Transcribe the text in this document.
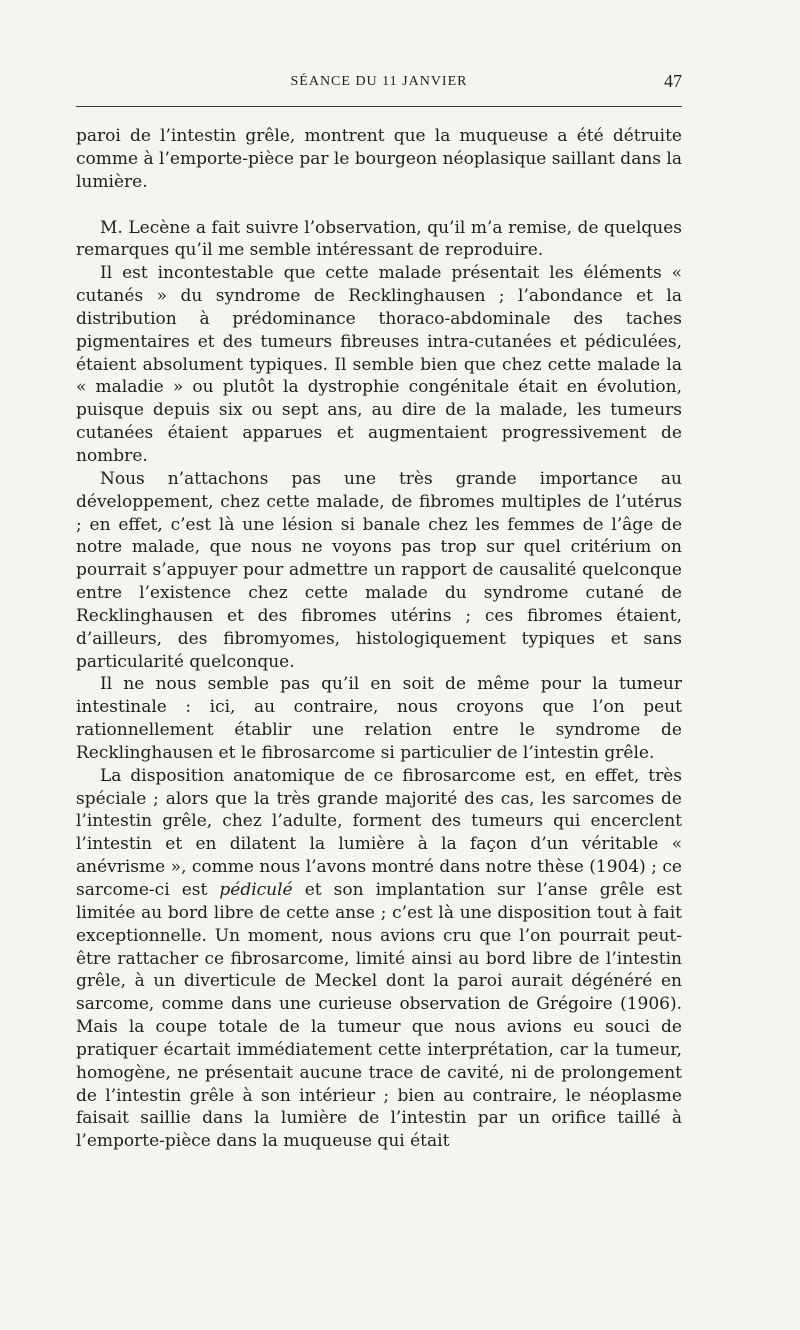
SÉANCE DU 11 JANVIER	47

paroi de l’intestin grêle, montrent que la muqueuse a été détruite comme à l’emporte-pièce par le bourgeon néoplasique saillant dans la lumière.

M. Lecène a fait suivre l’observation, qu’il m’a remise, de quelques remarques qu’il me semble intéressant de reproduire.

Il est incontestable que cette malade présentait les éléments « cutanés » du syndrome de Recklinghausen ; l’abondance et la distribution à prédominance thoraco-abdominale des taches pigmentaires et des tumeurs fibreuses intra-cutanées et pédiculées, étaient absolument typiques. Il semble bien que chez cette malade la « maladie » ou plutôt la dystrophie congénitale était en évolution, puisque depuis six ou sept ans, au dire de la malade, les tumeurs cutanées étaient apparues et augmentaient progressivement de nombre.

Nous n’attachons pas une très grande importance au développement, chez cette malade, de fibromes multiples de l’utérus ; en effet, c’est là une lésion si banale chez les femmes de l’âge de notre malade, que nous ne voyons pas trop sur quel critérium on pourrait s’appuyer pour admettre un rapport de causalité quelconque entre l’existence chez cette malade du syndrome cutané de Recklinghausen et des fibromes utérins ; ces fibromes étaient, d’ailleurs, des fibromyomes, histologiquement typiques et sans particularité quelconque.

Il ne nous semble pas qu’il en soit de même pour la tumeur intestinale : ici, au contraire, nous croyons que l’on peut rationnellement établir une relation entre le syndrome de Recklinghausen et le fibrosarcome si particulier de l’intestin grêle.

La disposition anatomique de ce fibrosarcome est, en effet, très spéciale ; alors que la très grande majorité des cas, les sarcomes de l’intestin grêle, chez l’adulte, forment des tumeurs qui encerclent l’intestin et en dilatent la lumière à la façon d’un véritable « anévrisme », comme nous l’avons montré dans notre thèse (1904) ; ce sarcome-ci est pédiculé et son implantation sur l’anse grêle est limitée au bord libre de cette anse ; c’est là une disposition tout à fait exceptionnelle. Un moment, nous avions cru que l’on pourrait peut-être rattacher ce fibrosarcome, limité ainsi au bord libre de l’intestin grêle, à un diverticule de Meckel dont la paroi aurait dégénéré en sarcome, comme dans une curieuse observation de Grégoire (1906). Mais la coupe totale de la tumeur que nous avions eu souci de pratiquer écartait immédiatement cette interprétation, car la tumeur, homogène, ne présentait aucune trace de cavité, ni de prolongement de l’intestin grêle à son intérieur ; bien au contraire, le néoplasme faisait saillie dans la lumière de l’intestin par un orifice taillé à l’emporte-pièce dans la muqueuse qui était
